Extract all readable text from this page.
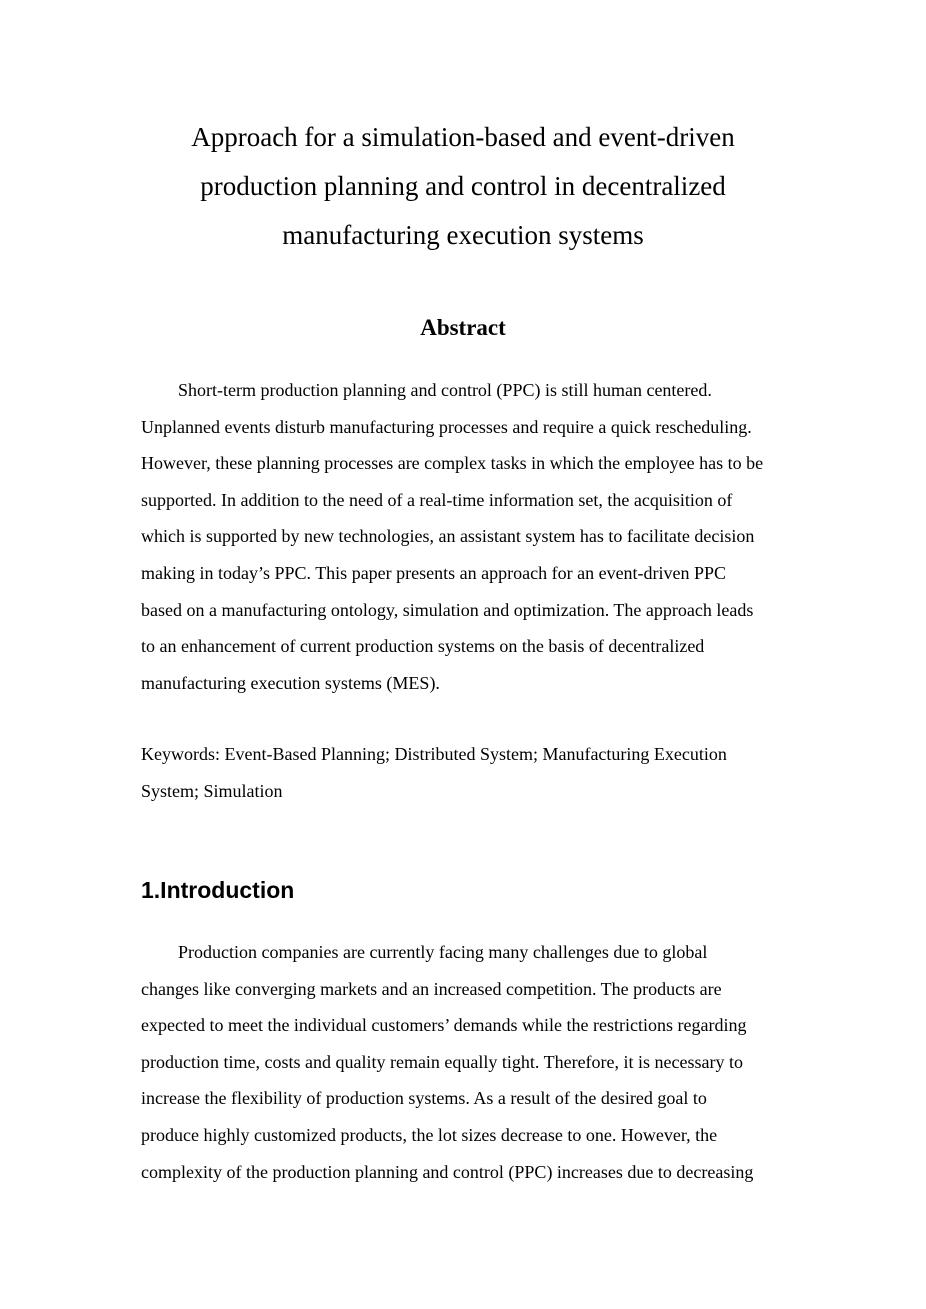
Approach for a simulation-based and event-driven
production planning and control in decentralized
manufacturing execution systems
Abstract

Short-term production planning and control (PPC) is still human centered.
Unplanned events disturb manufacturing processes and require a quick rescheduling.
However, these planning processes are complex tasks in which the employee has to be
supported. In addition to the need of a real-time information set, the acquisition of
which is supported by new technologies, an assistant system has to facilitate decision
making in today’s PPC. This paper presents an approach for an event-driven PPC
based on a manufacturing ontology, simulation and optimization. The approach leads
to an enhancement of current production systems on the basis of decentralized
manufacturing execution systems (MES).

Keywords: Event-Based Planning; Distributed System; Manufacturing Execution
System; Simulation

1.Introduction

Production companies are currently facing many challenges due to global
changes like converging markets and an increased competition. The products are
expected to meet the individual customers’ demands while the restrictions regarding
production time, costs and quality remain equally tight. Therefore, it is necessary to
increase the flexibility of production systems. As a result of the desired goal to
produce highly customized products, the lot sizes decrease to one. However, the
complexity of the production planning and control (PPC) increases due to decreasing
